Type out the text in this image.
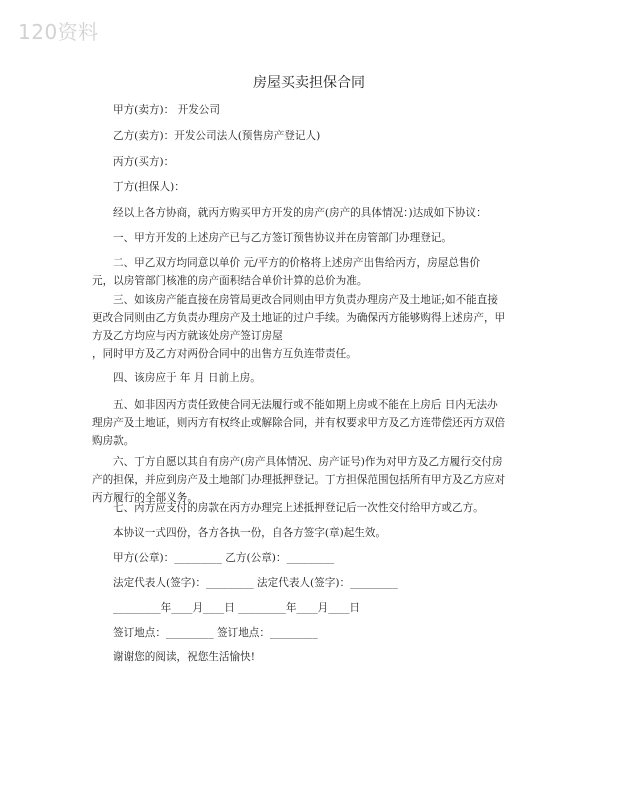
120资料
房屋买卖担保合同
甲方(卖方)： 开发公司
乙方(卖方)：开发公司法人(预售房产登记人)
丙方(买方)：
丁方(担保人)：
经以上各方协商，就丙方购买甲方开发的房产(房产的具体情况：)达成如下协议：
一、甲方开发的上述房产已与乙方签订预售协议并在房管部门办理登记。
二、甲乙双方均同意以单价 元/平方的价格将上述房产出售给丙方，房屋总售价
元，以房管部门核准的房产面积结合单价计算的总价为准。
三、如该房产能直接在房管局更改合同则由甲方负责办理房产及土地证;如不能直接
更改合同则由乙方负责办理房产及土地证的过户手续。为确保丙方能够购得上述房产，甲
方及乙方均应与丙方就该处房产签订房屋
，同时甲方及乙方对两份合同中的出售方互负连带责任。
四、该房应于 年 月 日前上房。
五、如非因丙方责任致使合同无法履行或不能如期上房或不能在上房后 日内无法办
理房产及土地证，则丙方有权终止或解除合同，并有权要求甲方及乙方连带偿还丙方双倍
购房款。
六、丁方自愿以其自有房产(房产具体情况、房产证号)作为对甲方及乙方履行交付房
产的担保，并应到房产及土地部门办理抵押登记。丁方担保范围包括所有甲方及乙方应对
丙方履行的全部义务。
七、丙方应支付的房款在丙方办理完上述抵押登记后一次性交付给甲方或乙方。
本协议一式四份，各方各执一份，自各方签字(章)起生效。
甲方(公章)：_________ 乙方(公章)：_________
法定代表人(签字)：_________ 法定代表人(签字)：_________
_________年____月____日 _________年____月____日
签订地点：_________ 签订地点：_________
谢谢您的阅读，祝您生活愉快!
